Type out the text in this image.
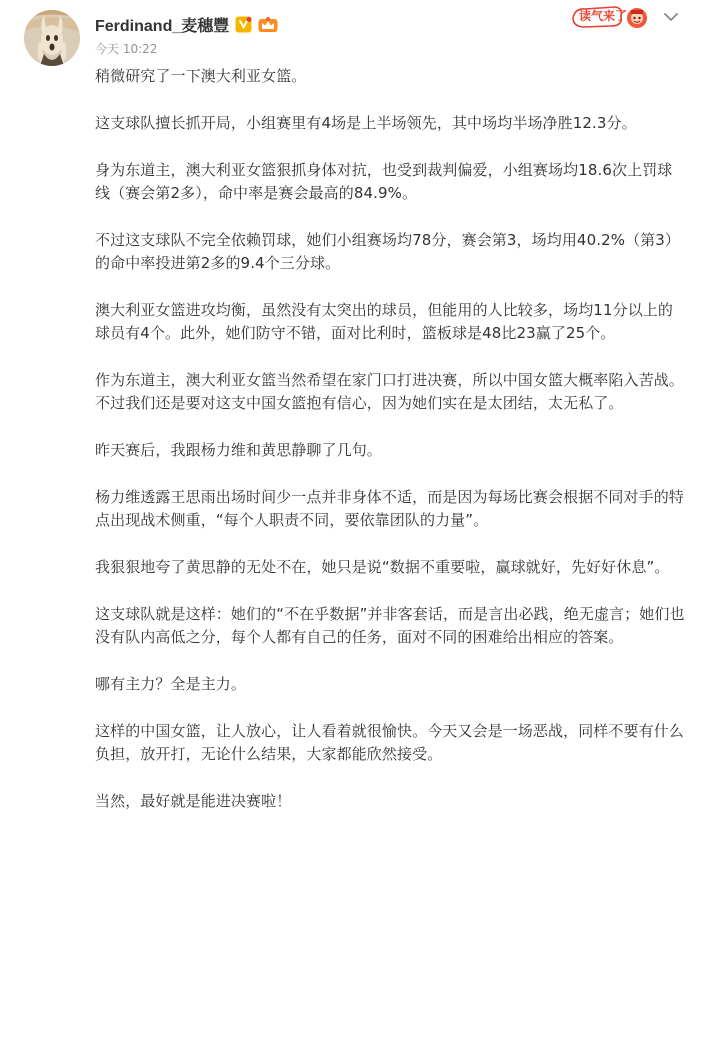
Ferdinand_麦穗豐
今天 10:22
读气来了

稍微研究了一下澳大利亚女篮。

这支球队擅长抓开局，小组赛里有4场是上半场领先，其中场均半场净胜12.3分。

身为东道主，澳大利亚女篮狠抓身体对抗，也受到裁判偏爱，小组赛场均18.6次上罚球线（赛会第2多），命中率是赛会最高的84.9%。

不过这支球队不完全依赖罚球，她们小组赛场均78分，赛会第3，场均用40.2%（第3）的命中率投进第2多的9.4个三分球。

澳大利亚女篮进攻均衡，虽然没有太突出的球员，但能用的人比较多，场均11分以上的球员有4个。此外，她们防守不错，面对比利时，篮板球是48比23赢了25个。

作为东道主，澳大利亚女篮当然希望在家门口打进决赛，所以中国女篮大概率陷入苦战。不过我们还是要对这支中国女篮抱有信心，因为她们实在是太团结，太无私了。

昨天赛后，我跟杨力维和黄思静聊了几句。

杨力维透露王思雨出场时间少一点并非身体不适，而是因为每场比赛会根据不同对手的特点出现战术侧重，“每个人职责不同，要依靠团队的力量”。

我狠狠地夸了黄思静的无处不在，她只是说“数据不重要啦，赢球就好，先好好休息”。

这支球队就是这样：她们的“不在乎数据”并非客套话，而是言出必践，绝无虚言；她们也没有队内高低之分，每个人都有自己的任务，面对不同的困难给出相应的答案。

哪有主力？全是主力。

这样的中国女篮，让人放心，让人看着就很愉快。今天又会是一场恶战，同样不要有什么负担，放开打，无论什么结果，大家都能欣然接受。

当然，最好就是能进决赛啦！
